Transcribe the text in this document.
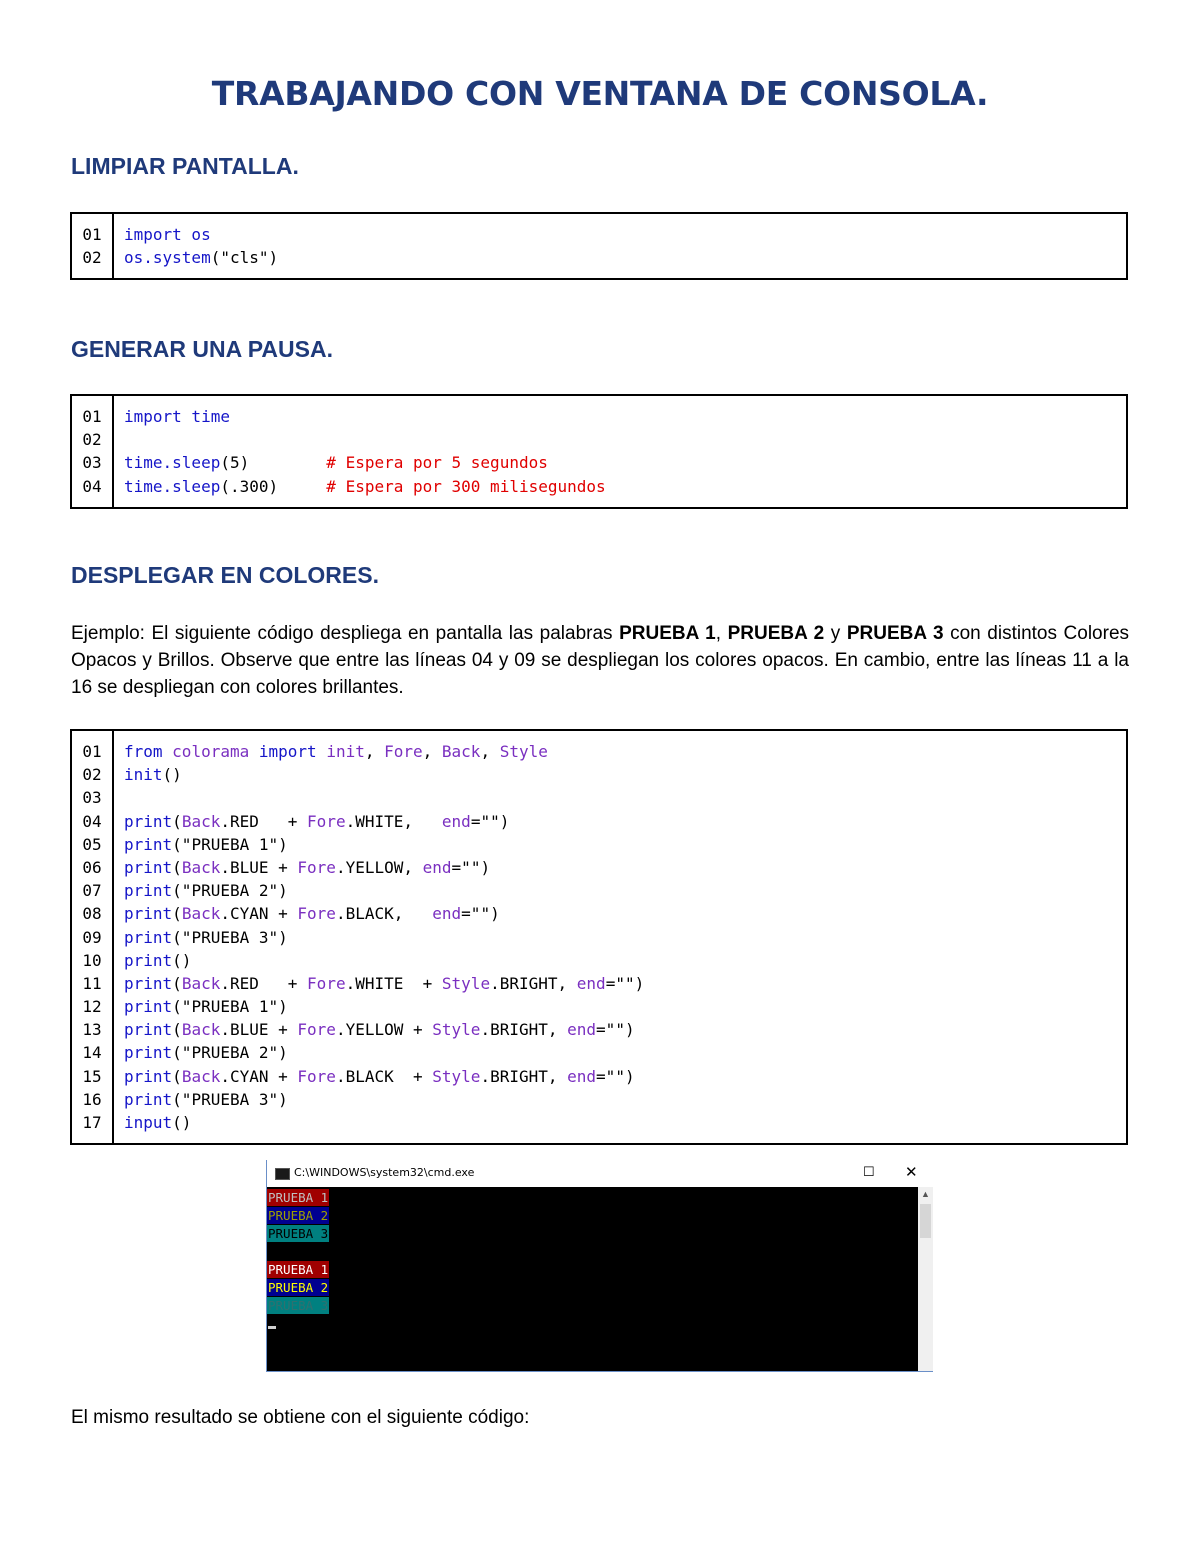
TRABAJANDO CON VENTANA DE CONSOLA.
LIMPIAR PANTALLA.
01
02
import os
os.system("cls")
GENERAR UNA PAUSA.
01
02
03
04
import time
time.sleep(5)        # Espera por 5 segundos
time.sleep(.300)     # Espera por 300 milisegundos
DESPLEGAR EN COLORES.
Ejemplo: El siguiente código despliega en pantalla las palabras PRUEBA 1, PRUEBA 2 y PRUEBA 3 con distintos Colores Opacos y Brillos. Observe que entre las líneas 04 y 09 se despliegan los colores opacos. En cambio, entre las líneas 11 a la 16 se despliegan con colores brillantes.
01
02
03
04
05
06
07
08
09
10
11
12
13
14
15
16
17
from colorama import init, Fore, Back, Style
init()
print(Back.RED   + Fore.WHITE,   end="")
print("PRUEBA 1")
print(Back.BLUE + Fore.YELLOW, end="")
print("PRUEBA 2")
print(Back.CYAN + Fore.BLACK,   end="")
print("PRUEBA 3")
print()
print(Back.RED   + Fore.WHITE  + Style.BRIGHT, end="")
print("PRUEBA 1")
print(Back.BLUE + Fore.YELLOW + Style.BRIGHT, end="")
print("PRUEBA 2")
print(Back.CYAN + Fore.BLACK  + Style.BRIGHT, end="")
print("PRUEBA 3")
input()
C:\WINDOWS\system32\cmd.exe	☐ ✕
PRUEBA 1
PRUEBA 2
PRUEBA 3
PRUEBA 1
PRUEBA 2
PRUEBA 3
▲
El mismo resultado se obtiene con el siguiente código:
